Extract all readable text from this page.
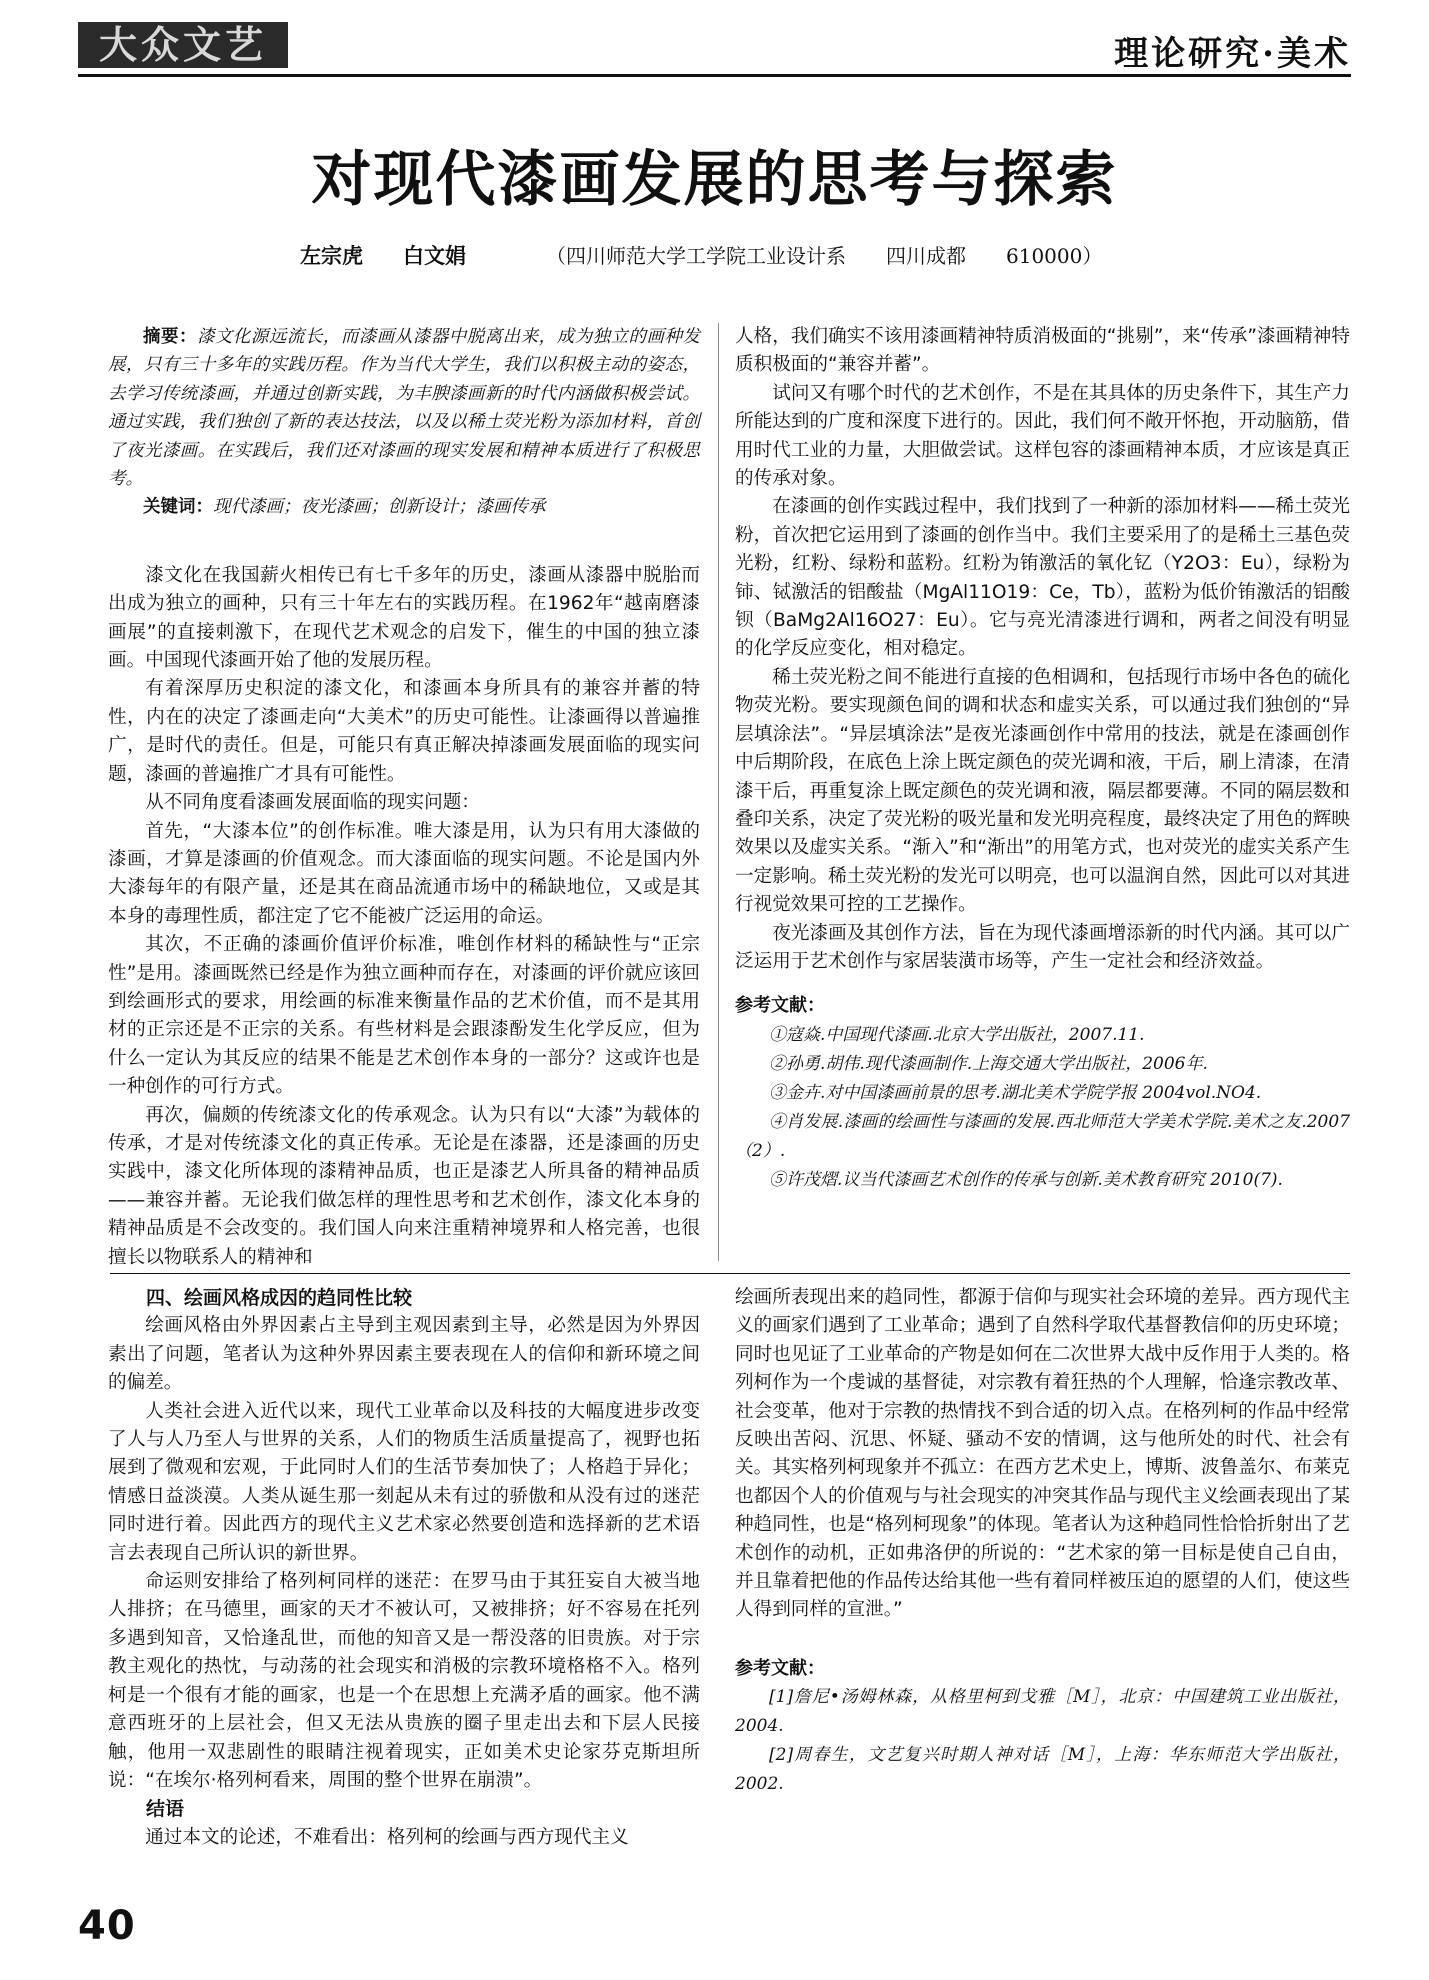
大众文艺	理论研究·美术
对现代漆画发展的思考与探索
左宗虎 白文娟	（四川师范大学工学院工业设计系　　四川成都　　610000）

摘要：漆文化源远流长，而漆画从漆器中脱离出来，成为独立的画种发展，只有三十多年的实践历程。作为当代大学生，我们以积极主动的姿态，去学习传统漆画，并通过创新实践，为丰腴漆画新的时代内涵做积极尝试。通过实践，我们独创了新的表达技法，以及以稀土荧光粉为添加材料，首创了夜光漆画。在实践后，我们还对漆画的现实发展和精神本质进行了积极思考。

关键词：现代漆画；夜光漆画；创新设计；漆画传承

漆文化在我国薪火相传已有七千多年的历史，漆画从漆器中脱胎而出成为独立的画种，只有三十年左右的实践历程。在1962年“越南磨漆画展”的直接刺激下，在现代艺术观念的启发下，催生的中国的独立漆画。中国现代漆画开始了他的发展历程。

有着深厚历史积淀的漆文化，和漆画本身所具有的兼容并蓄的特性，内在的决定了漆画走向“大美术”的历史可能性。让漆画得以普遍推广，是时代的责任。但是，可能只有真正解决掉漆画发展面临的现实问题，漆画的普遍推广才具有可能性。

从不同角度看漆画发展面临的现实问题：

首先，“大漆本位”的创作标准。唯大漆是用，认为只有用大漆做的漆画，才算是漆画的价值观念。而大漆面临的现实问题。不论是国内外大漆每年的有限产量，还是其在商品流通市场中的稀缺地位，又或是其本身的毒理性质，都注定了它不能被广泛运用的命运。

其次，不正确的漆画价值评价标准，唯创作材料的稀缺性与“正宗性”是用。漆画既然已经是作为独立画种而存在，对漆画的评价就应该回到绘画形式的要求，用绘画的标准来衡量作品的艺术价值，而不是其用材的正宗还是不正宗的关系。有些材料是会跟漆酚发生化学反应，但为什么一定认为其反应的结果不能是艺术创作本身的一部分？这或许也是一种创作的可行方式。

再次，偏颇的传统漆文化的传承观念。认为只有以“大漆”为载体的传承，才是对传统漆文化的真正传承。无论是在漆器，还是漆画的历史实践中，漆文化所体现的漆精神品质，也正是漆艺人所具备的精神品质——兼容并蓄。无论我们做怎样的理性思考和艺术创作，漆文化本身的精神品质是不会改变的。我们国人向来注重精神境界和人格完善，也很擅长以物联系人的精神和

人格，我们确实不该用漆画精神特质消极面的“挑剔”，来“传承”漆画精神特质积极面的“兼容并蓄”。

试问又有哪个时代的艺术创作，不是在其具体的历史条件下，其生产力所能达到的广度和深度下进行的。因此，我们何不敞开怀抱，开动脑筋，借用时代工业的力量，大胆做尝试。这样包容的漆画精神本质，才应该是真正的传承对象。

在漆画的创作实践过程中，我们找到了一种新的添加材料——稀土荧光粉，首次把它运用到了漆画的创作当中。我们主要采用了的是稀土三基色荧光粉，红粉、绿粉和蓝粉。红粉为铕激活的氧化钇（Y2O3：Eu），绿粉为铈、铽激活的铝酸盐（MgAl11O19：Ce，Tb），蓝粉为低价铕激活的铝酸钡（BaMg2Al16O27：Eu）。它与亮光清漆进行调和，两者之间没有明显的化学反应变化，相对稳定。

稀土荧光粉之间不能进行直接的色相调和，包括现行市场中各色的硫化物荧光粉。要实现颜色间的调和状态和虚实关系，可以通过我们独创的“异层填涂法”。“异层填涂法”是夜光漆画创作中常用的技法，就是在漆画创作中后期阶段，在底色上涂上既定颜色的荧光调和液，干后，刷上清漆，在清漆干后，再重复涂上既定颜色的荧光调和液，隔层都要薄。不同的隔层数和叠印关系，决定了荧光粉的吸光量和发光明亮程度，最终决定了用色的辉映效果以及虚实关系。“渐入”和“渐出”的用笔方式，也对荧光的虚实关系产生一定影响。稀土荧光粉的发光可以明亮，也可以温润自然，因此可以对其进行视觉效果可控的工艺操作。

夜光漆画及其创作方法，旨在为现代漆画增添新的时代内涵。其可以广泛运用于艺术创作与家居装潢市场等，产生一定社会和经济效益。

参考文献：

①寇焱.中国现代漆画.北京大学出版社，2007.11.

②孙勇.胡伟.现代漆画制作.上海交通大学出版社，2006年.

③金卉.对中国漆画前景的思考.湖北美术学院学报 2004vol.NO4.

④肖发展.漆画的绘画性与漆画的发展.西北师范大学美术学院.美术之友.2007（2）.

⑤许茂熠.议当代漆画艺术创作的传承与创新.美术教育研究 2010(7).

四、绘画风格成因的趋同性比较

绘画风格由外界因素占主导到主观因素到主导，必然是因为外界因素出了问题，笔者认为这种外界因素主要表现在人的信仰和新环境之间的偏差。

人类社会进入近代以来，现代工业革命以及科技的大幅度进步改变了人与人乃至人与世界的关系，人们的物质生活质量提高了，视野也拓展到了微观和宏观，于此同时人们的生活节奏加快了；人格趋于异化；情感日益淡漠。人类从诞生那一刻起从未有过的骄傲和从没有过的迷茫同时进行着。因此西方的现代主义艺术家必然要创造和选择新的艺术语言去表现自己所认识的新世界。

命运则安排给了格列柯同样的迷茫：在罗马由于其狂妄自大被当地人排挤；在马德里，画家的天才不被认可，又被排挤；好不容易在托列多遇到知音，又恰逢乱世，而他的知音又是一帮没落的旧贵族。对于宗教主观化的热忱，与动荡的社会现实和消极的宗教环境格格不入。格列柯是一个很有才能的画家，也是一个在思想上充满矛盾的画家。他不满意西班牙的上层社会，但又无法从贵族的圈子里走出去和下层人民接触，他用一双悲剧性的眼睛注视着现实，正如美术史论家芬克斯坦所说：“在埃尔·格列柯看来，周围的整个世界在崩溃”。

结语

通过本文的论述，不难看出：格列柯的绘画与西方现代主义

绘画所表现出来的趋同性，都源于信仰与现实社会环境的差异。西方现代主义的画家们遇到了工业革命；遇到了自然科学取代基督教信仰的历史环境；同时也见证了工业革命的产物是如何在二次世界大战中反作用于人类的。格列柯作为一个虔诚的基督徒，对宗教有着狂热的个人理解，恰逢宗教改革、社会变革，他对于宗教的热情找不到合适的切入点。在格列柯的作品中经常反映出苦闷、沉思、怀疑、骚动不安的情调，这与他所处的时代、社会有关。其实格列柯现象并不孤立：在西方艺术史上，博斯、波鲁盖尔、布莱克也都因个人的价值观与与社会现实的冲突其作品与现代主义绘画表现出了某种趋同性，也是“格列柯现象”的体现。笔者认为这种趋同性恰恰折射出了艺术创作的动机，正如弗洛伊的所说的：“艺术家的第一目标是使自己自由，并且靠着把他的作品传达给其他一些有着同样被压迫的愿望的人们，使这些人得到同样的宣泄。”

参考文献：

[1]詹尼•汤姆林森，从格里柯到戈雅［M］，北京：中国建筑工业出版社，2004.

[2]周春生，文艺复兴时期人神对话［M］，上海：华东师范大学出版社，2002.

40
